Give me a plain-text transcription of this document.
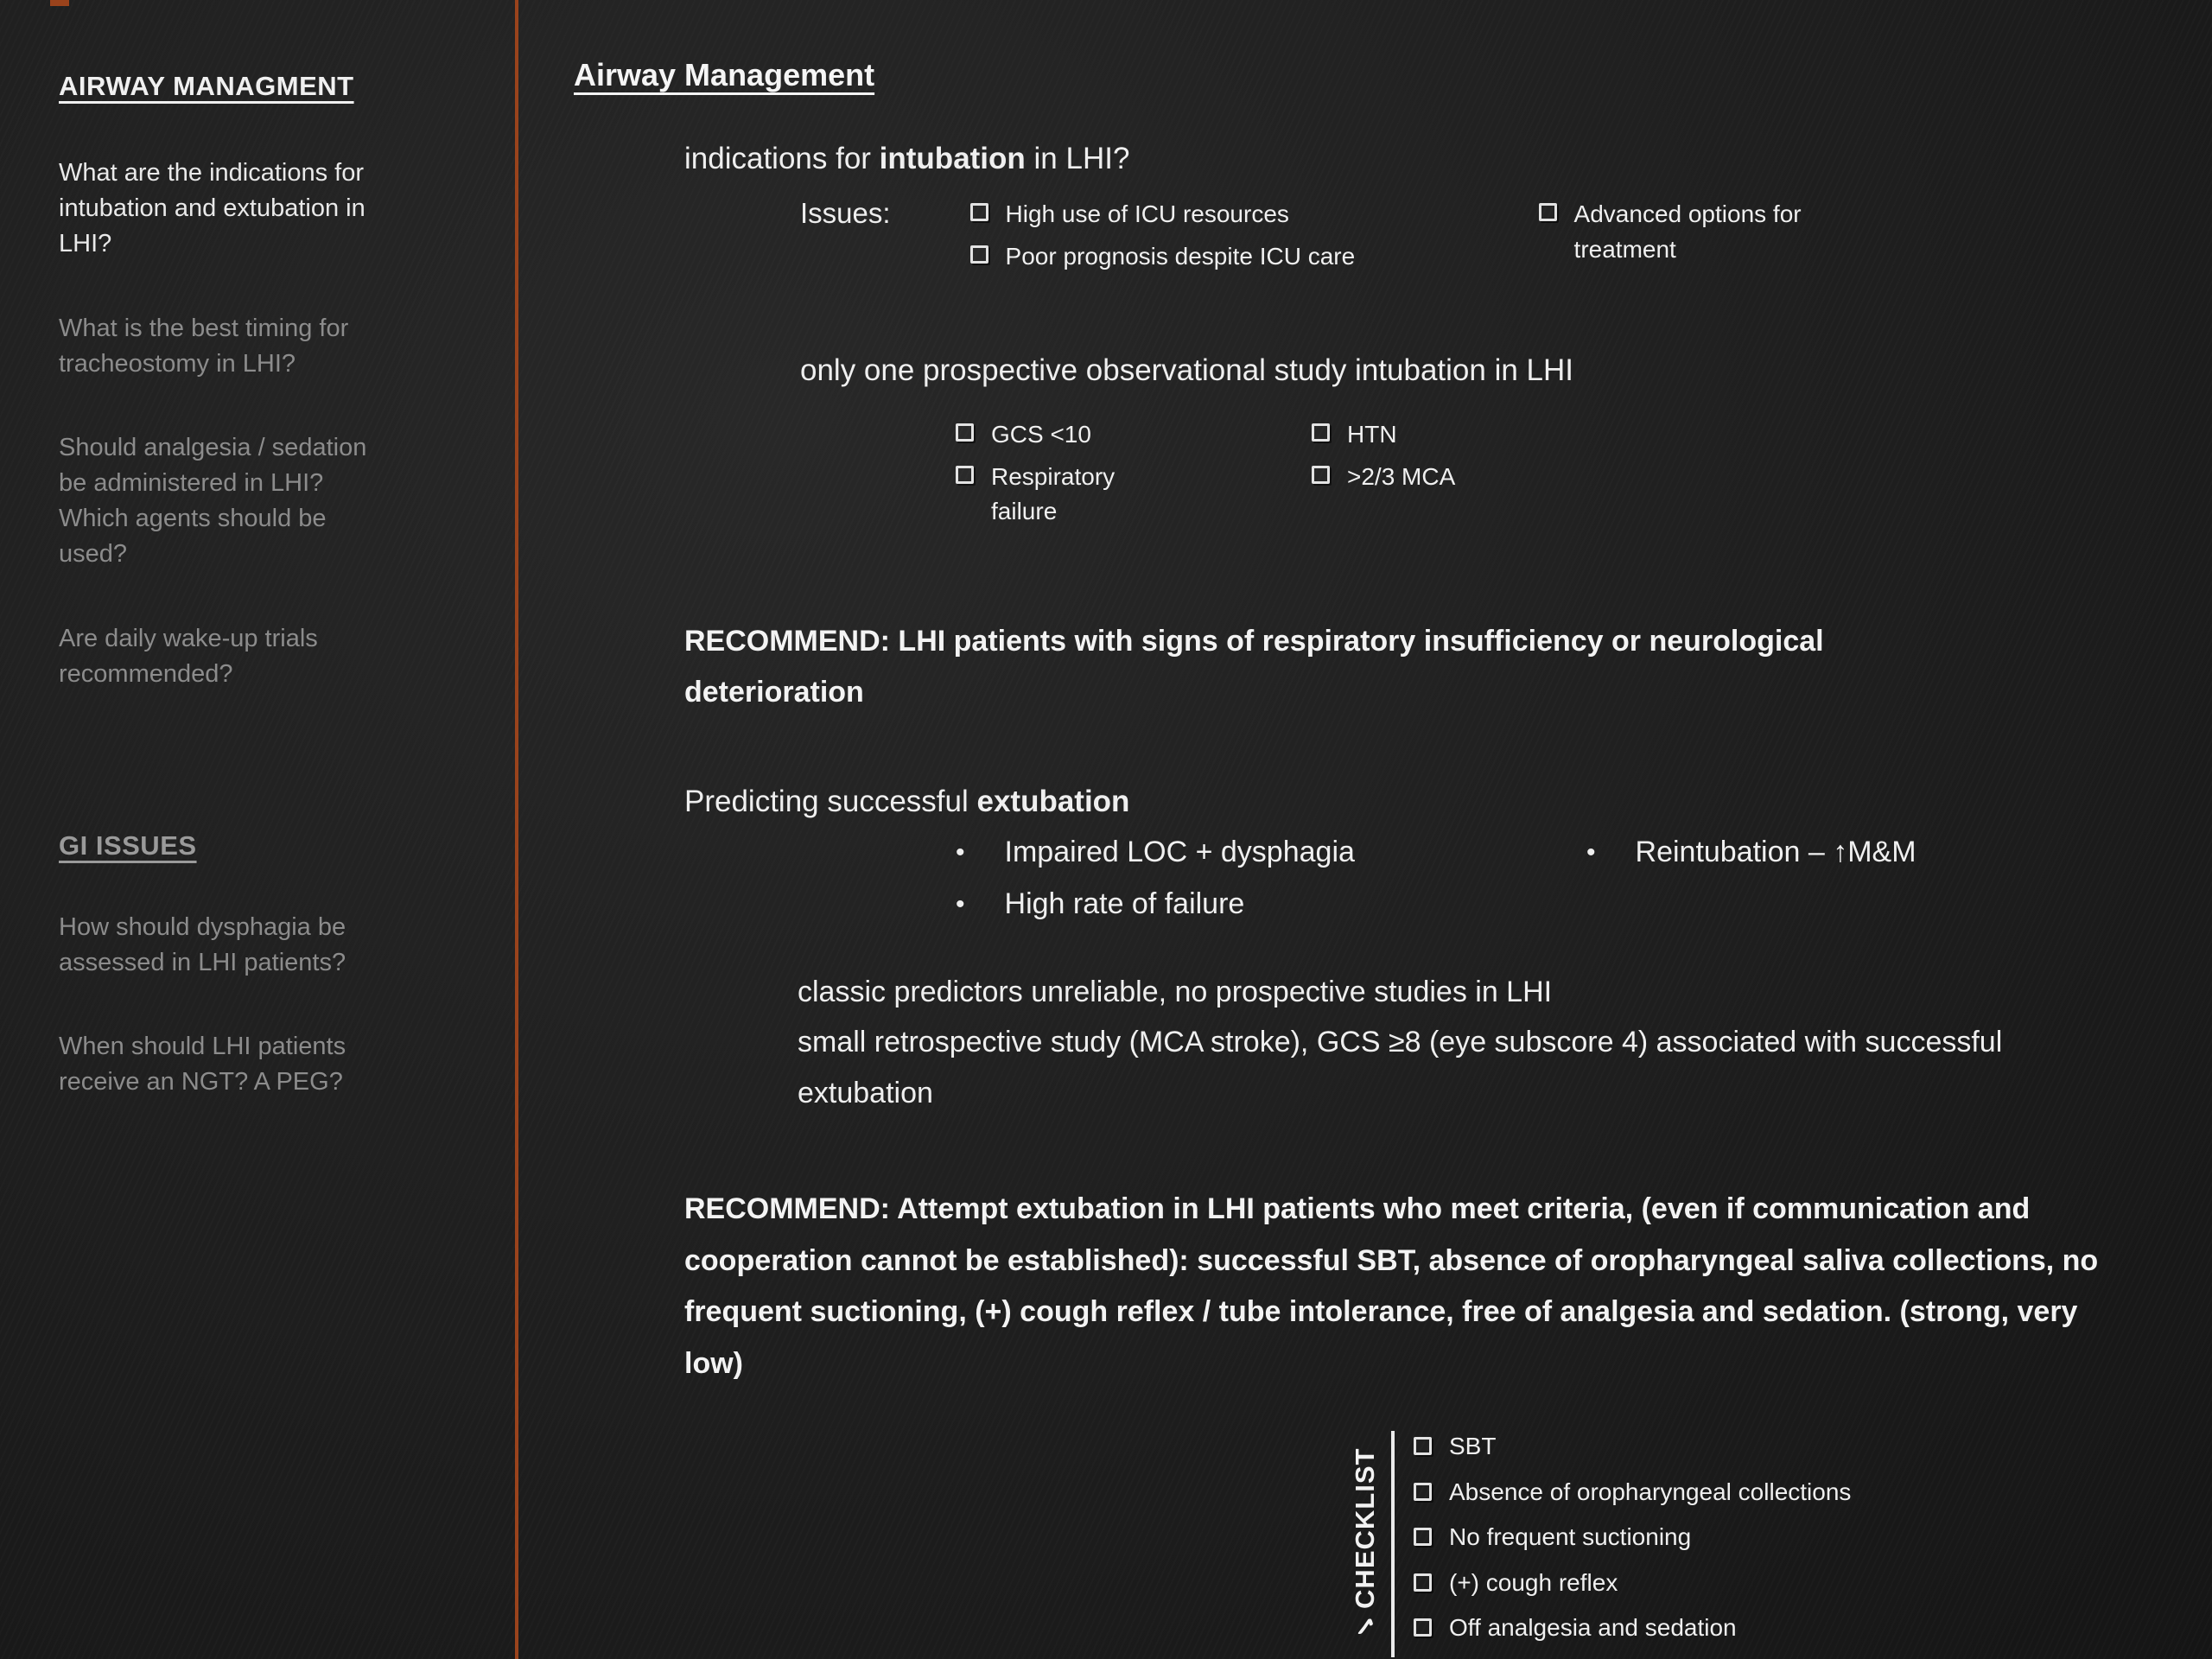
AIRWAY MANAGMENT

What are the indications for intubation and extubation in LHI?

What is the best timing for tracheostomy in LHI?

Should analgesia / sedation be administered in LHI? Which agents should be used?

Are daily wake-up trials recommended?

GI ISSUES

How should dysphagia be assessed in LHI patients?

When should LHI patients receive an NGT? A PEG?

Airway Management

indications for intubation in LHI?

Issues:	High use of ICU resources
Poor prognosis despite ICU care
Advanced options for treatment

only one prospective observational study intubation in LHI

GCS <10
Respiratory failure
HTN
>2/3 MCA

RECOMMEND: LHI patients with signs of respiratory insufficiency or neurological deterioration

Predicting successful extubation

• Impaired LOC + dysphagia
• High rate of failure
• Reintubation – ↑M&M

classic predictors unreliable, no prospective studies in LHI

small retrospective study (MCA stroke), GCS ≥8 (eye subscore 4) associated with successful extubation

RECOMMEND: Attempt extubation in LHI patients who meet criteria, (even if communication and cooperation cannot be established): successful SBT, absence of oropharyngeal saliva collections, no frequent suctioning, (+) cough reflex / tube intolerance, free of analgesia and sedation. (strong, very low)

✓
CHECKLIST
SBT
Absence of oropharyngeal collections
No frequent suctioning
(+) cough reflex
Off analgesia and sedation
